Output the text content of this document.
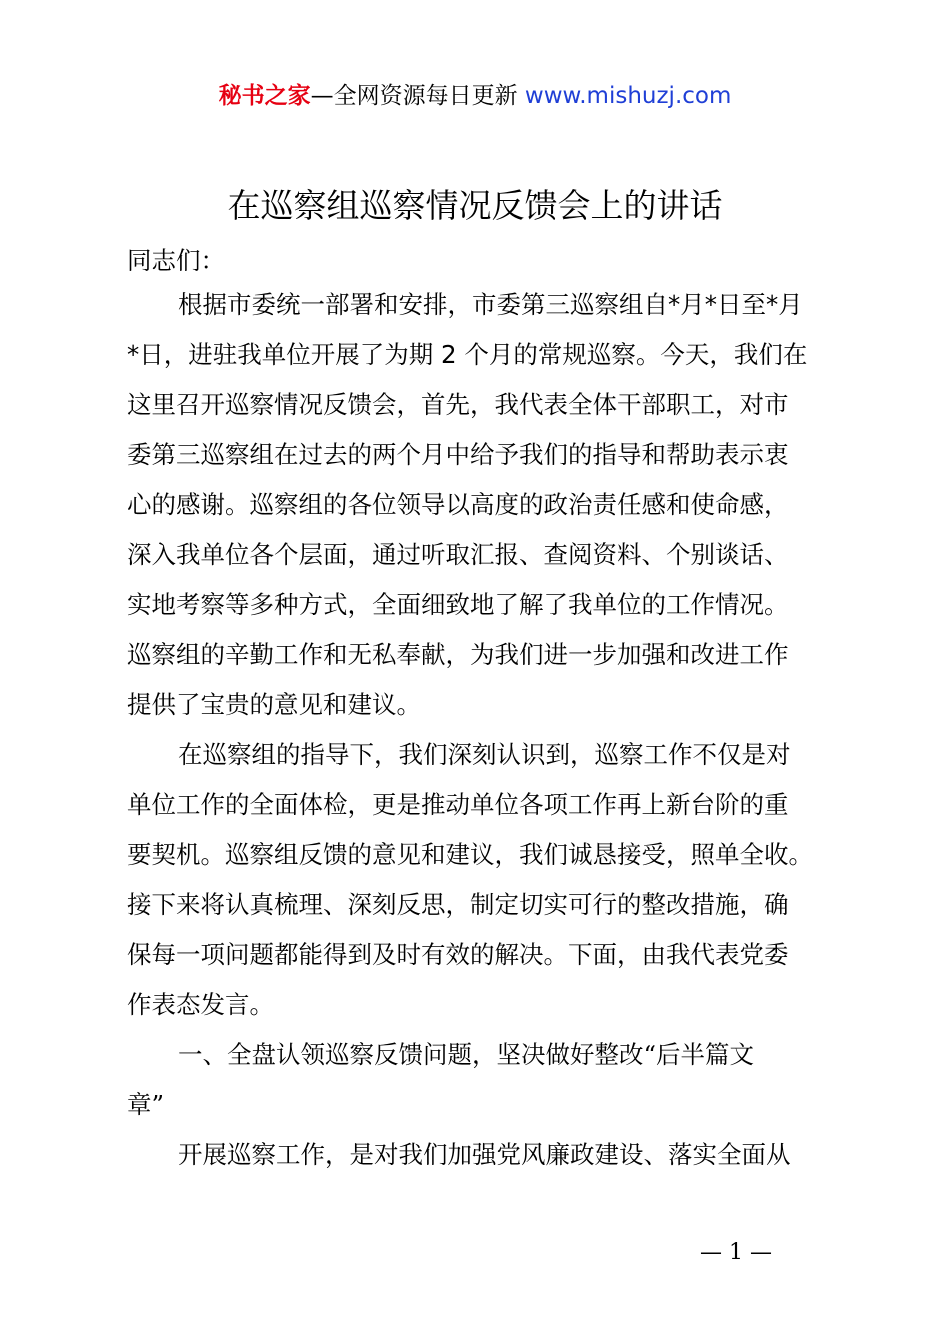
秘书之家—全网资源每日更新 www.mishuzj.com
在巡察组巡察情况反馈会上的讲话
同志们：
根据市委统一部署和安排，市委第三巡察组自*月*日至*月
*日，进驻我单位开展了为期 2 个月的常规巡察。今天，我们在
这里召开巡察情况反馈会，首先，我代表全体干部职工，对市
委第三巡察组在过去的两个月中给予我们的指导和帮助表示衷
心的感谢。巡察组的各位领导以高度的政治责任感和使命感，
深入我单位各个层面，通过听取汇报、查阅资料、个别谈话、
实地考察等多种方式，全面细致地了解了我单位的工作情况。
巡察组的辛勤工作和无私奉献，为我们进一步加强和改进工作
提供了宝贵的意见和建议。
在巡察组的指导下，我们深刻认识到，巡察工作不仅是对
单位工作的全面体检，更是推动单位各项工作再上新台阶的重
要契机。巡察组反馈的意见和建议，我们诚恳接受，照单全收。
接下来将认真梳理、深刻反思，制定切实可行的整改措施，确
保每一项问题都能得到及时有效的解决。下面，由我代表党委
作表态发言。
一、全盘认领巡察反馈问题，坚决做好整改“后半篇文
章”
开展巡察工作，是对我们加强党风廉政建设、落实全面从
— 1 —
